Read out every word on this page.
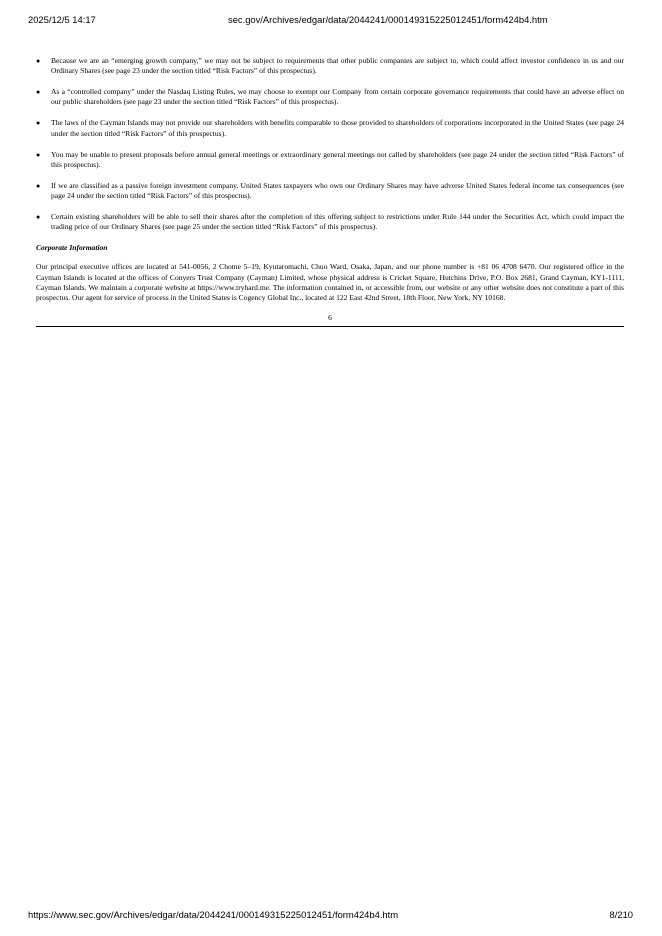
2025/12/5 14:17	sec.gov/Archives/edgar/data/2044241/000149315225012451/form424b4.htm
● Because we are an “emerging growth company,” we may not be subject to requirements that other public companies are subject to, which could affect investor confidence in us and our Ordinary Shares (see page 23 under the section titled “Risk Factors” of this prospectus).
● As a “controlled company” under the Nasdaq Listing Rules, we may choose to exempt our Company from certain corporate governance requirements that could have an adverse effect on our public shareholders (see page 23 under the section titled “Risk Factors” of this prospectus).
● The laws of the Cayman Islands may not provide our shareholders with benefits comparable to those provided to shareholders of corporations incorporated in the United States (see page 24 under the section titled “Risk Factors” of this prospectus).
● You may be unable to present proposals before annual general meetings or extraordinary general meetings not called by shareholders (see page 24 under the section titled “Risk Factors” of this prospectus).
● If we are classified as a passive foreign investment company, United States taxpayers who own our Ordinary Shares may have adverse United States federal income tax consequences (see page 24 under the section titled “Risk Factors” of this prospectus).
● Certain existing shareholders will be able to sell their shares after the completion of this offering subject to restrictions under Rule 144 under the Securities Act, which could impact the trading price of our Ordinary Shares (see page 25 under the section titled “Risk Factors” of this prospectus).

Corporate Information

Our principal executive offices are located at 541-0056, 2 Chome 5–19, Kyutaromachi, Chuo Ward, Osaka, Japan, and our phone number is +81 06 4708 6470. Our registered office in the Cayman Islands is located at the offices of Conyers Trust Company (Cayman) Limited, whose physical address is Cricket Square, Hutchins Drive, P.O. Box 2681, Grand Cayman, KY1-1111, Cayman Islands. We maintain a corporate website at https://www.tryhard.me. The information contained in, or accessible from, our website or any other website does not constitute a part of this prospectus. Our agent for service of process in the United States is Cogency Global Inc., located at 122 East 42nd Street, 18th Floor, New York, NY 10168.

6
https://www.sec.gov/Archives/edgar/data/2044241/000149315225012451/form424b4.htm	8/210
